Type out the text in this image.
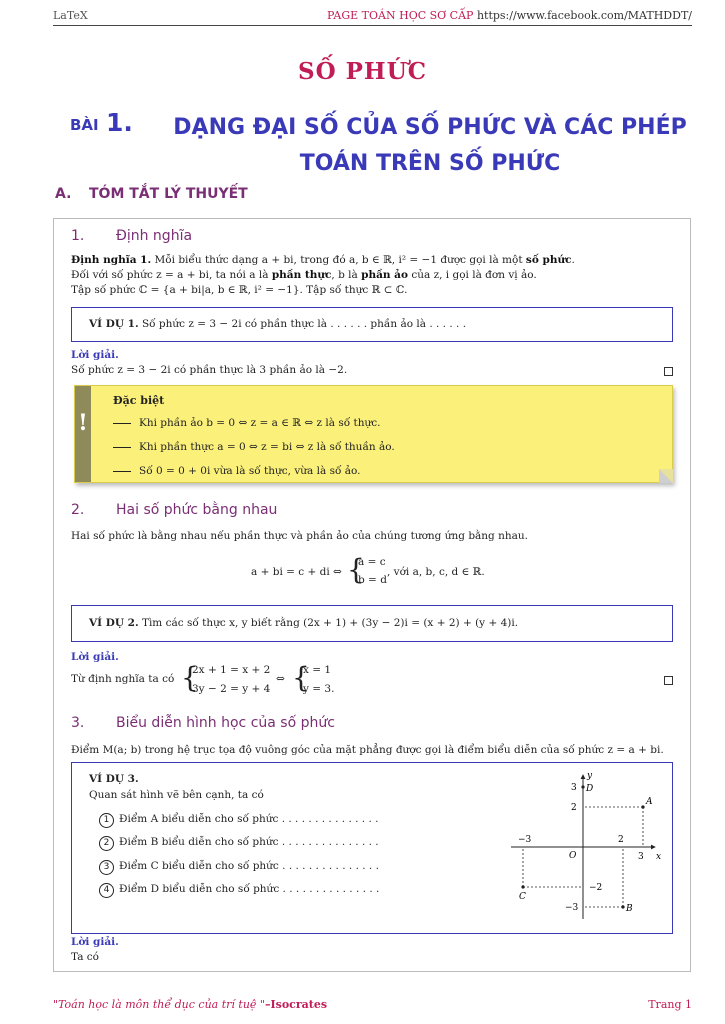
LaTeX	PAGE TOÁN HỌC SƠ CẤP https://www.facebook.com/MATHDDT/
SỐ PHỨC
BÀI 1.	DẠNG ĐẠI SỐ CỦA SỐ PHỨC VÀ CÁC PHÉP
TOÁN TRÊN SỐ PHỨC
A. TÓM TẮT LÝ THUYẾT
1. Định nghĩa
Định nghĩa 1. Mỗi biểu thức dạng a + bi, trong đó a, b ∈ ℝ, i² = −1 được gọi là một số phức.
Đối với số phức z = a + bi, ta nói a là phần thực, b là phần ảo của z, i gọi là đơn vị ảo.
Tập số phức ℂ = {a + bi|a, b ∈ ℝ, i² = −1}. Tập số thực ℝ ⊂ ℂ.
VÍ DỤ 1. Số phức z = 3 − 2i có phần thực là . . . . . . phần ảo là . . . . . .
Lời giải.
Số phức z = 3 − 2i có phần thực là 3 phần ảo là −2.
!
Đặc biệt
Khi phần ảo b = 0 ⇔ z = a ∈ ℝ ⇔ z là số thực.
Khi phần thực a = 0 ⇔ z = bi ⇔ z là số thuần ảo.
Số 0 = 0 + 0i vừa là số thực, vừa là số ảo.
2. Hai số phức bằng nhau
Hai số phức là bằng nhau nếu phần thực và phần ảo của chúng tương ứng bằng nhau.
a + bi = c + di ⇔ {
a = c
b = d
, với a, b, c, d ∈ ℝ.
VÍ DỤ 2. Tìm các số thực x, y biết rằng (2x + 1) + (3y − 2)i = (x + 2) + (y + 4)i.
Lời giải.
Từ định nghĩa ta có {
2x + 1 = x + 2
3y − 2 = y + 4
⇔ {
x = 1
y = 3.
3. Biểu diễn hình học của số phức
Điểm M(a; b) trong hệ trục tọa độ vuông góc của mặt phẳng được gọi là điểm biểu diễn của số phức z = a + bi.
VÍ DỤ 3.
Quan sát hình vẽ bên cạnh, ta có
1 Điểm A biểu diễn cho số phức . . . . . . . . . . . . . . .
2 Điểm B biểu diễn cho số phức . . . . . . . . . . . . . . .
3 Điểm C biểu diễn cho số phức . . . . . . . . . . . . . . .
4 Điểm D biểu diễn cho số phức . . . . . . . . . . . . . . .
x
y
O
−3	2
3
3
2
−2
−3
A
B
C
D
Lời giải.
Ta có
"Toán học là môn thể dục của trí tuệ "–Isocrates	Trang 1
